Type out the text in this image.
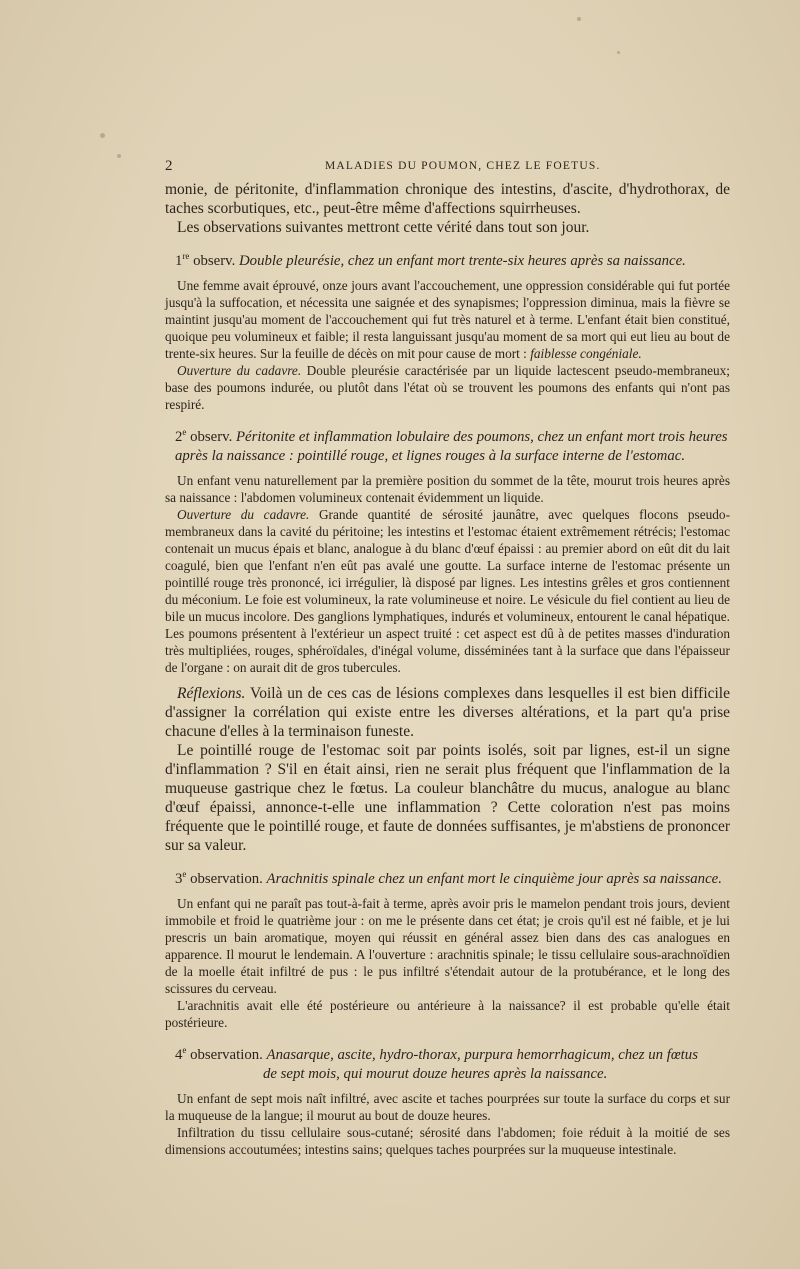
2	MALADIES DU POUMON, CHEZ LE FOETUS.

monie, de péritonite, d'inflammation chronique des intestins, d'ascite, d'hydrothorax, de taches scorbutiques, etc., peut-être même d'affections squirrheuses.

Les observations suivantes mettront cette vérité dans tout son jour.

1re observ. Double pleurésie, chez un enfant mort trente-six heures après sa naissance.

Une femme avait éprouvé, onze jours avant l'accouchement, une oppression considérable qui fut portée jusqu'à la suffocation, et nécessita une saignée et des synapismes; l'oppression diminua, mais la fièvre se maintint jusqu'au moment de l'accouchement qui fut très naturel et à terme. L'enfant était bien constitué, quoique peu volumineux et faible; il resta languissant jusqu'au moment de sa mort qui eut lieu au bout de trente-six heures. Sur la feuille de décès on mit pour cause de mort : faiblesse congéniale.

Ouverture du cadavre. Double pleurésie caractérisée par un liquide lactescent pseudo-membraneux; base des poumons indurée, ou plutôt dans l'état où se trouvent les poumons des enfants qui n'ont pas respiré.

2e observ. Péritonite et inflammation lobulaire des poumons, chez un enfant mort trois heures
après la naissance : pointillé rouge, et lignes rouges à la surface interne de l'estomac.

Un enfant venu naturellement par la première position du sommet de la tête, mourut trois heures après sa naissance : l'abdomen volumineux contenait évidemment un liquide.

Ouverture du cadavre. Grande quantité de sérosité jaunâtre, avec quelques flocons pseudo-membraneux dans la cavité du péritoine; les intestins et l'estomac étaient extrêmement rétrécis; l'estomac contenait un mucus épais et blanc, analogue à du blanc d'œuf épaissi : au premier abord on eût dit du lait coagulé, bien que l'enfant n'en eût pas avalé une goutte. La surface interne de l'estomac présente un pointillé rouge très prononcé, ici irrégulier, là disposé par lignes. Les intestins grêles et gros contiennent du méconium. Le foie est volumineux, la rate volumineuse et noire. Le vésicule du fiel contient au lieu de bile un mucus incolore. Des ganglions lymphatiques, indurés et volumineux, entourent le canal hépatique. Les poumons présentent à l'extérieur un aspect truité : cet aspect est dû à de petites masses d'induration très multipliées, rouges, sphéroïdales, d'inégal volume, disséminées tant à la surface que dans l'épaisseur de l'organe : on aurait dit de gros tubercules.

Réflexions. Voilà un de ces cas de lésions complexes dans lesquelles il est bien difficile d'assigner la corrélation qui existe entre les diverses altérations, et la part qu'a prise chacune d'elles à la terminaison funeste.

Le pointillé rouge de l'estomac soit par points isolés, soit par lignes, est-il un signe d'inflammation ? S'il en était ainsi, rien ne serait plus fréquent que l'inflammation de la muqueuse gastrique chez le fœtus. La couleur blanchâtre du mucus, analogue au blanc d'œuf épaissi, annonce-t-elle une inflammation ? Cette coloration n'est pas moins fréquente que le pointillé rouge, et faute de données suffisantes, je m'abstiens de prononcer sur sa valeur.

3e observation. Arachnitis spinale chez un enfant mort le cinquième jour après sa naissance.

Un enfant qui ne paraît pas tout-à-fait à terme, après avoir pris le mamelon pendant trois jours, devient immobile et froid le quatrième jour : on me le présente dans cet état; je crois qu'il est né faible, et je lui prescris un bain aromatique, moyen qui réussit en général assez bien dans des cas analogues en apparence. Il mourut le lendemain. A l'ouverture : arachnitis spinale; le tissu cellulaire sous-arachnoïdien de la moelle était infiltré de pus : le pus infiltré s'étendait autour de la protubérance, et le long des scissures du cerveau.

L'arachnitis avait elle été postérieure ou antérieure à la naissance? il est probable qu'elle était postérieure.

4e observation. Anasarque, ascite, hydro-thorax, purpura hemorrhagicum, chez un fœtus
de sept mois, qui mourut douze heures après la naissance.

Un enfant de sept mois naît infiltré, avec ascite et taches pourprées sur toute la surface du corps et sur la muqueuse de la langue; il mourut au bout de douze heures.

Infiltration du tissu cellulaire sous-cutané; sérosité dans l'abdomen; foie réduit à la moitié de ses dimensions accoutumées; intestins sains; quelques taches pourprées sur la muqueuse intestinale.
